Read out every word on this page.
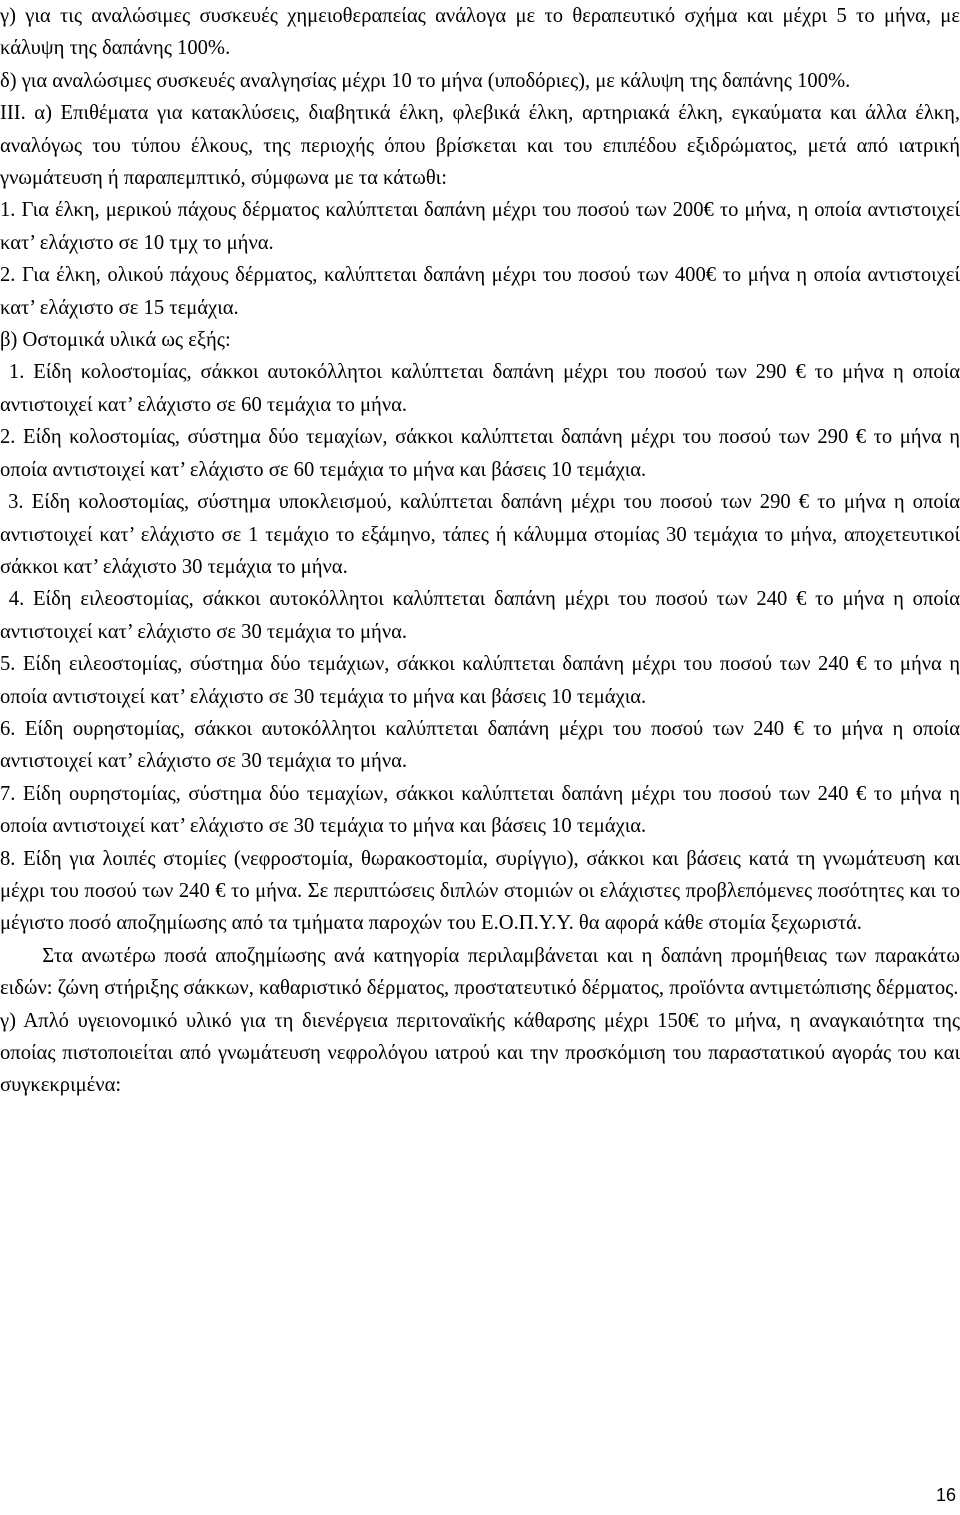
γ) για τις αναλώσιμες συσκευές χημειοθεραπείας ανάλογα με το θεραπευτικό σχήμα και μέχρι 5 το μήνα, με κάλυψη της δαπάνης 100%.

δ) για αναλώσιμες συσκευές αναλγησίας μέχρι 10 το μήνα (υποδόριες), με κάλυψη της δαπάνης 100%.

ΙΙΙ. α) Επιθέματα για κατακλύσεις, διαβητικά έλκη, φλεβικά έλκη, αρτηριακά έλκη, εγκαύματα και άλλα έλκη, αναλόγως του τύπου έλκους, της περιοχής όπου βρίσκεται και του επιπέδου εξιδρώματος, μετά από ιατρική γνωμάτευση ή παραπεμπτικό, σύμφωνα με τα κάτωθι:

1. Για έλκη, μερικού πάχους δέρματος καλύπτεται δαπάνη μέχρι του ποσού των 200€ το μήνα, η οποία αντιστοιχεί κατ’ ελάχιστο σε 10 τμχ το μήνα.

2. Για έλκη, ολικού πάχους δέρματος, καλύπτεται δαπάνη μέχρι του ποσού των 400€ το μήνα η οποία αντιστοιχεί κατ’ ελάχιστο σε 15 τεμάχια.

β) Οστομικά υλικά ως εξής:

1. Είδη κολοστομίας, σάκκοι αυτοκόλλητοι καλύπτεται δαπάνη μέχρι του ποσού των 290 € το μήνα η οποία αντιστοιχεί κατ’ ελάχιστο σε 60 τεμάχια το μήνα.

2. Είδη κολοστομίας, σύστημα δύο τεμαχίων, σάκκοι καλύπτεται δαπάνη μέχρι του ποσού των 290 € το μήνα η οποία αντιστοιχεί κατ’ ελάχιστο σε 60 τεμάχια το μήνα και βάσεις 10 τεμάχια.

3. Είδη κολοστομίας, σύστημα υποκλεισμού, καλύπτεται δαπάνη μέχρι του ποσού των 290 € το μήνα η οποία αντιστοιχεί κατ’ ελάχιστο σε 1 τεμάχιο το εξάμηνο, τάπες ή κάλυμμα στομίας 30 τεμάχια το μήνα, αποχετευτικοί σάκκοι κατ’ ελάχιστο 30 τεμάχια το μήνα.

4. Είδη ειλεοστομίας, σάκκοι αυτοκόλλητοι καλύπτεται δαπάνη μέχρι του ποσού των 240 € το μήνα η οποία αντιστοιχεί κατ’ ελάχιστο σε 30 τεμάχια το μήνα.

5. Είδη ειλεοστομίας, σύστημα δύο τεμάχιων, σάκκοι καλύπτεται δαπάνη μέχρι του ποσού των 240 € το μήνα η οποία αντιστοιχεί κατ’ ελάχιστο σε 30 τεμάχια το μήνα και βάσεις 10 τεμάχια.

6. Είδη ουρηστομίας, σάκκοι αυτοκόλλητοι καλύπτεται δαπάνη μέχρι του ποσού των 240 € το μήνα η οποία αντιστοιχεί κατ’ ελάχιστο σε 30 τεμάχια το μήνα.

7. Είδη ουρηστομίας, σύστημα δύο τεμαχίων, σάκκοι καλύπτεται δαπάνη μέχρι του ποσού των 240 € το μήνα η οποία αντιστοιχεί κατ’ ελάχιστο σε 30 τεμάχια το μήνα και βάσεις 10 τεμάχια.

8. Είδη για λοιπές στομίες (νεφροστομία, θωρακοστομία, συρίγγιο), σάκκοι και βάσεις κατά τη γνωμάτευση και μέχρι του ποσού των 240 € το μήνα. Σε περιπτώσεις διπλών στομιών οι ελάχιστες προβλεπόμενες ποσότητες και το μέγιστο ποσό αποζημίωσης από τα τμήματα παροχών του Ε.Ο.Π.Υ.Υ. θα αφορά κάθε στομία ξεχωριστά.

Στα ανωτέρω ποσά αποζημίωσης ανά κατηγορία περιλαμβάνεται και η δαπάνη προμήθειας των παρακάτω ειδών: ζώνη στήριξης σάκκων, καθαριστικό δέρματος, προστατευτικό δέρματος, προϊόντα αντιμετώπισης δέρματος.

γ) Απλό υγειονομικό υλικό για τη διενέργεια περιτοναϊκής κάθαρσης μέχρι 150€ το μήνα, η αναγκαιότητα της οποίας πιστοποιείται από γνωμάτευση νεφρολόγου ιατρού και την προσκόμιση του παραστατικού αγοράς του και συγκεκριμένα:

16
